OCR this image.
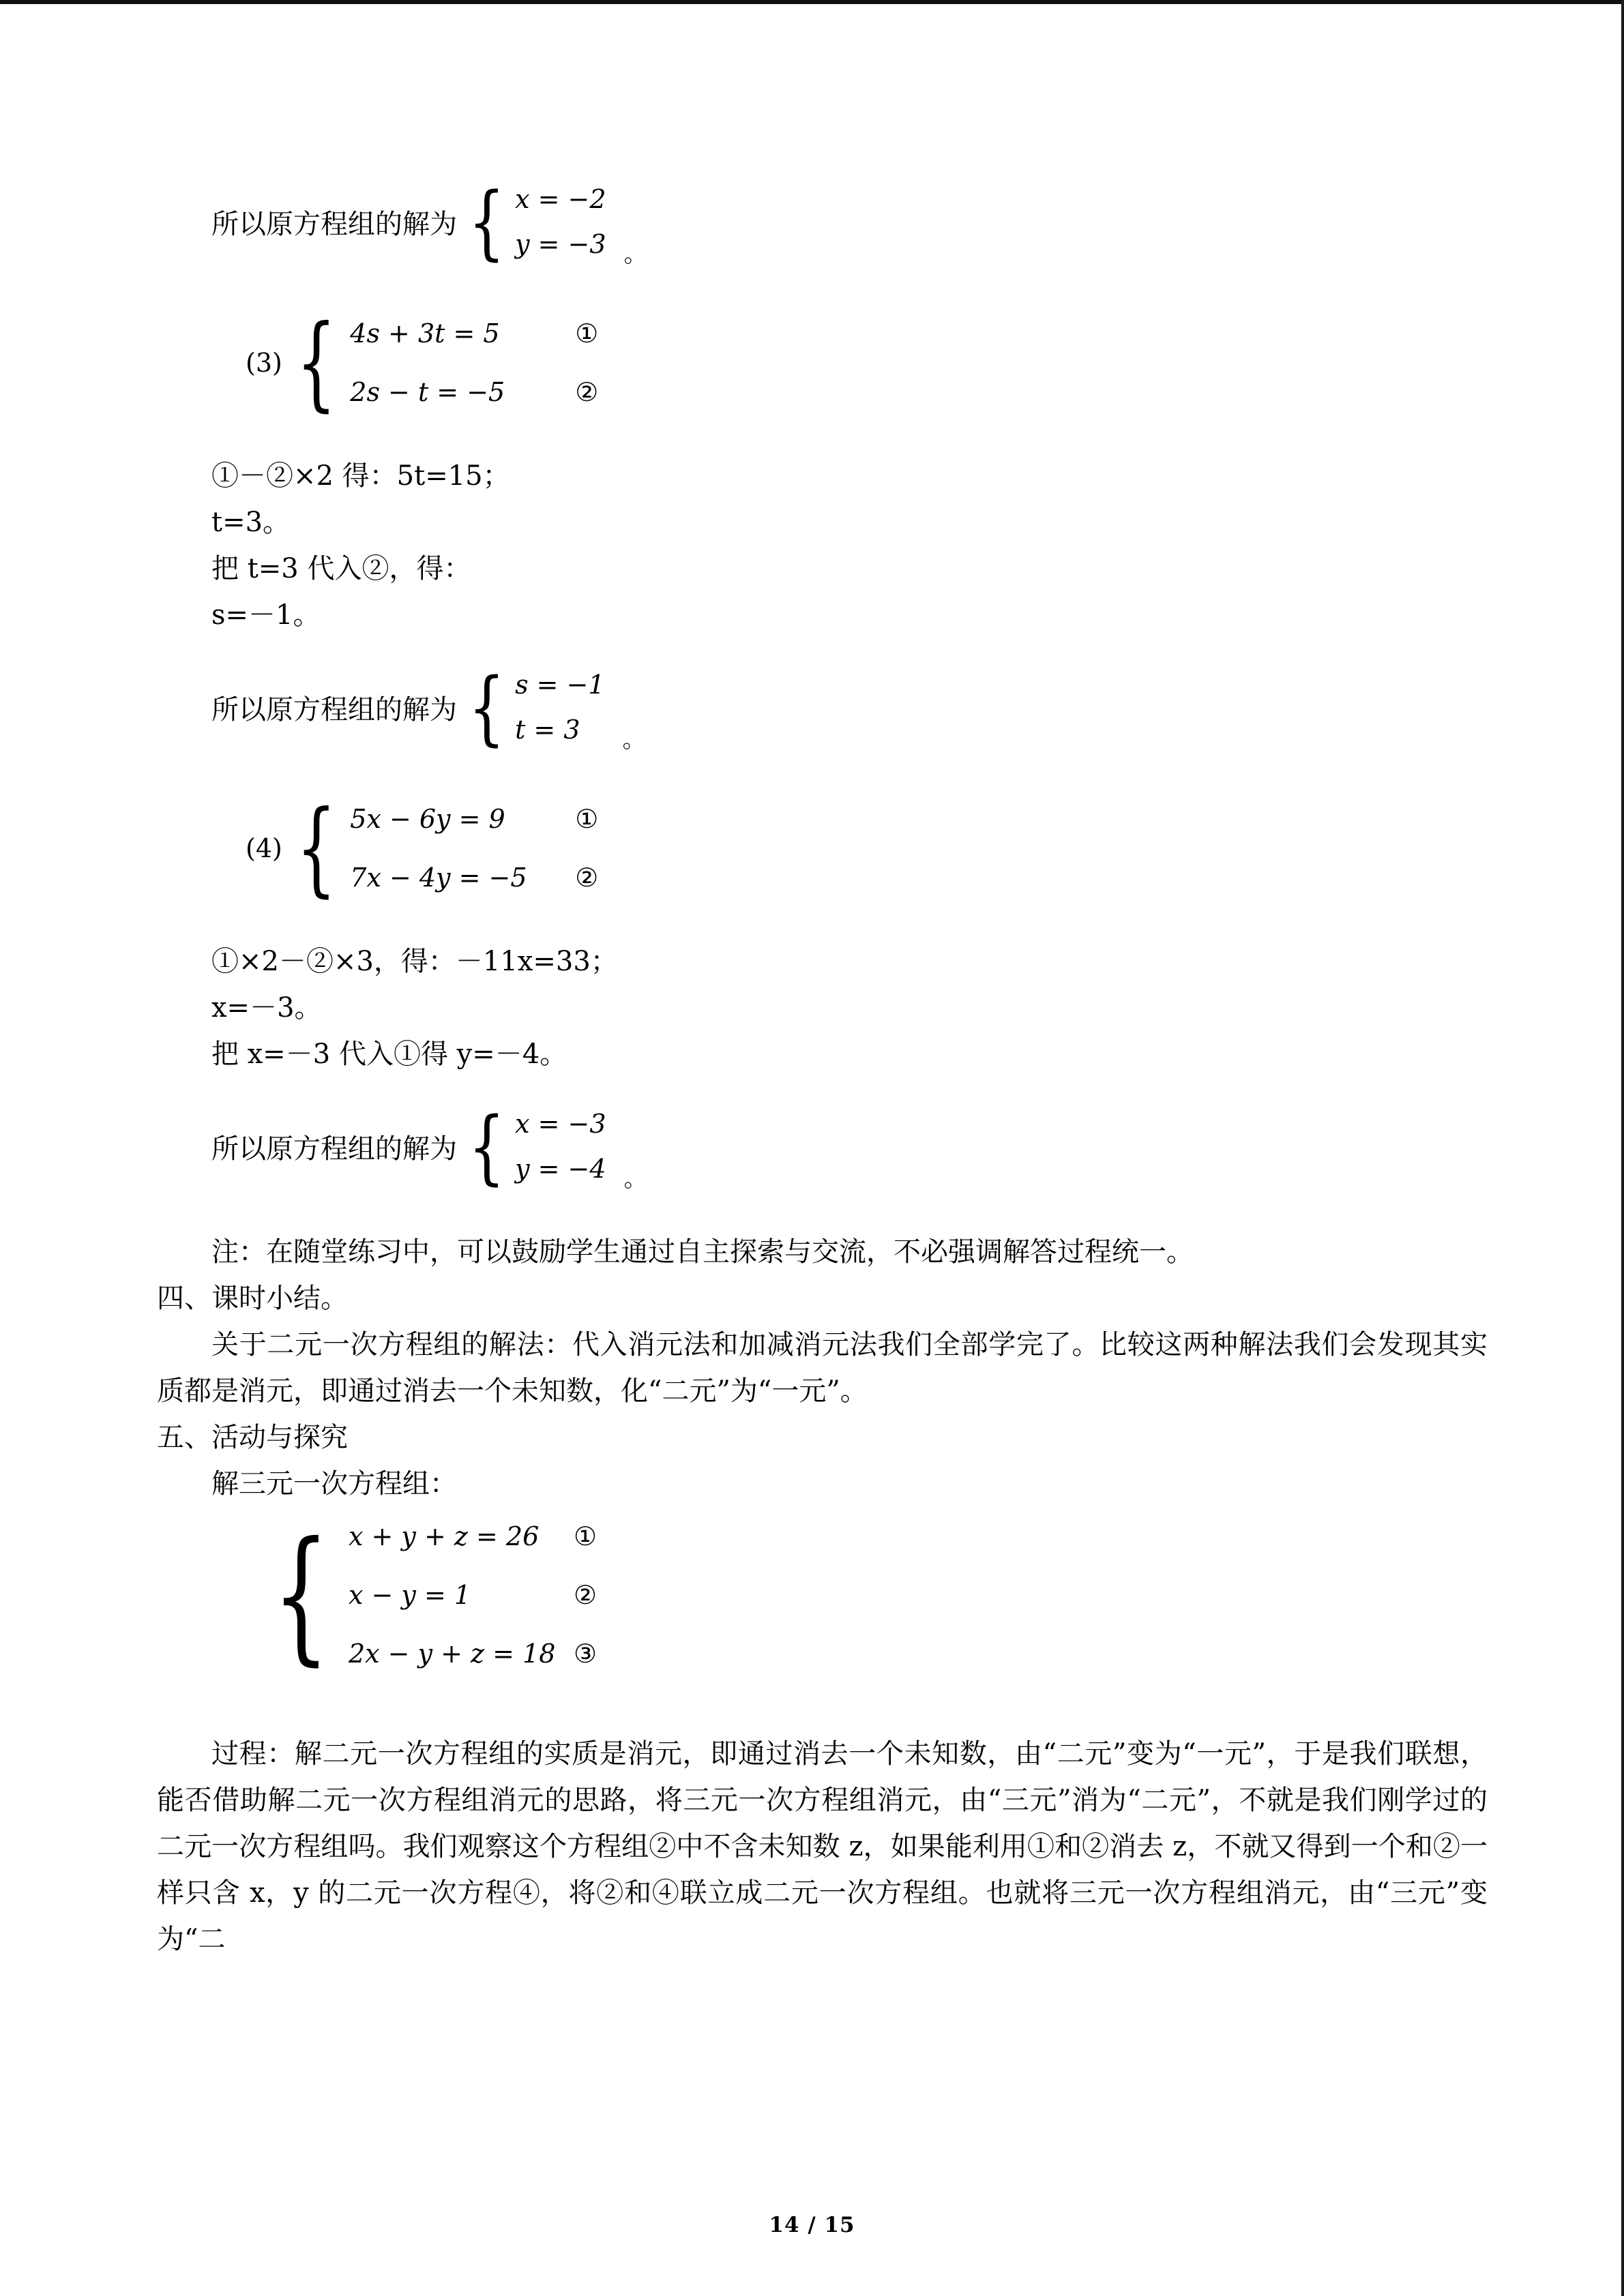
所以原方程组的解为 { x = −2
y = −3 。
(3) { 4s + 3t = 5	①
2s − t = −5	②

①－②×2 得：5t=15；

t=3。

把 t=3 代入②，得：

s=－1。

所以原方程组的解为 { s = −1
t = 3	。
(4) { 5x − 6y = 9	①
7x − 4y = −5	②

①×2－②×3，得：－11x=33；

x=－3。

把 x=－3 代入①得 y=－4。

所以原方程组的解为 { x = −3
y = −4 。

注：在随堂练习中，可以鼓励学生通过自主探索与交流，不必强调解答过程统一。

四、课时小结。

关于二元一次方程组的解法：代入消元法和加减消元法我们全部学完了。比较这两种解法我们会发现其实质都是消元，即通过消去一个未知数，化“二元”为“一元”。

五、活动与探究

解三元一次方程组：

{ x + y + z = 26	①
x − y = 1	②
2x − y + z = 18 ③

过程：解二元一次方程组的实质是消元，即通过消去一个未知数，由“二元”变为“一元”，于是我们联想，能否借助解二元一次方程组消元的思路，将三元一次方程组消元，由“三元”消为“二元”，不就是我们刚学过的二元一次方程组吗。我们观察这个方程组②中不含未知数 z，如果能利用①和②消去 z，不就又得到一个和②一样只含 x，y 的二元一次方程④，将②和④联立成二元一次方程组。也就将三元一次方程组消元，由“三元”变为“二

14 / 15
